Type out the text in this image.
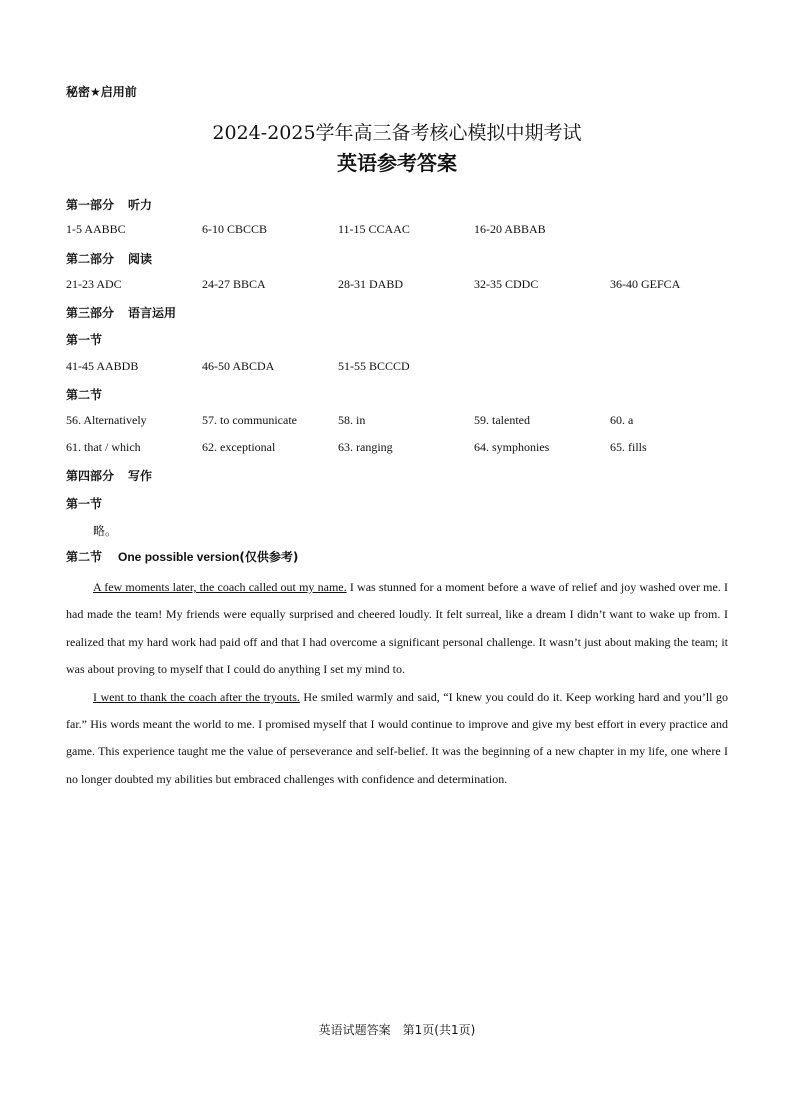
秘密★启用前
2024-2025学年高三备考核心模拟中期考试
英语参考答案
第一部分 听力
1-5 AABBC	6-10 CBCCB	11-15 CCAAC	16-20 ABBAB
第二部分 阅读
21-23 ADC	24-27 BBCA	28-31 DABD	32-35 CDDC	36-40 GEFCA
第三部分 语言运用
第一节
41-45 AABDB	46-50 ABCDA	51-55 BCCCD
第二节
56. Alternatively	57. to communicate	58. in	59. talented	60. a
61. that / which	62. exceptional	63. ranging	64. symphonies	65. fills
第四部分 写作
第一节
略。
第二节 One possible version(仅供参考)

A few moments later, the coach called out my name. I was stunned for a moment before a wave of relief and joy washed over me. I had made the team! My friends were equally surprised and cheered loudly. It felt surreal, like a dream I didn’t want to wake up from. I realized that my hard work had paid off and that I had overcome a significant personal challenge. It wasn’t just about making the team; it was about proving to myself that I could do anything I set my mind to.

I went to thank the coach after the tryouts. He smiled warmly and said, “I knew you could do it. Keep working hard and you’ll go far.” His words meant the world to me. I promised myself that I would continue to improve and give my best effort in every practice and game. This experience taught me the value of perseverance and self-belief. It was the beginning of a new chapter in my life, one where I no longer doubted my abilities but embraced challenges with confidence and determination.

英语试题答案　第1页(共1页)
